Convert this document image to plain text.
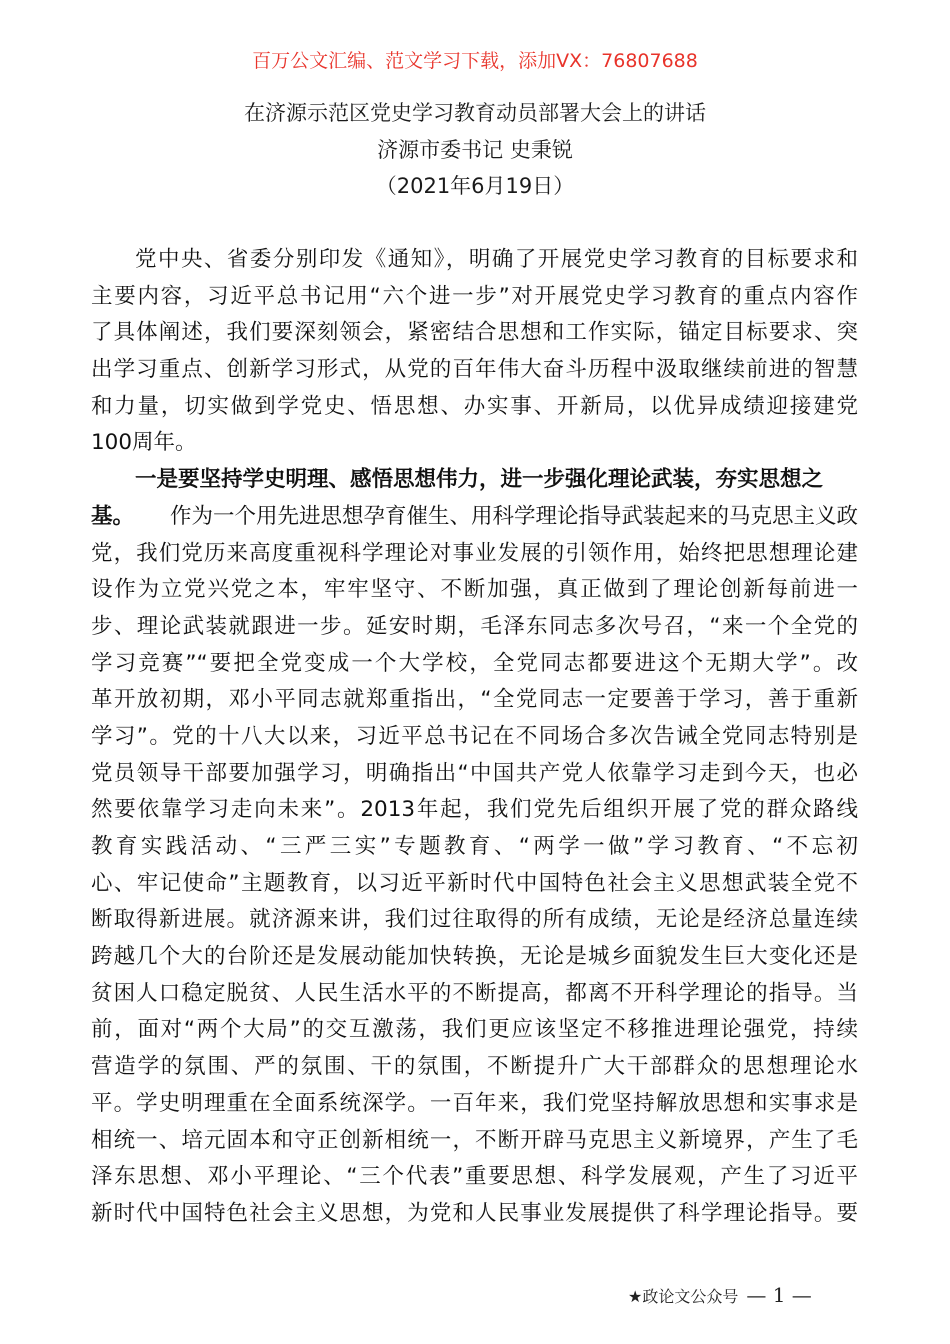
百万公文汇编、范文学习下载，添加VX：76807688
在济源示范区党史学习教育动员部署大会上的讲话
济源市委书记 史秉锐
（2021年6月19日）
党中央、省委分别印发《通知》，明确了开展党史学习教育的目标要求和
主要内容，习近平总书记用“六个进一步”对开展党史学习教育的重点内容作
了具体阐述，我们要深刻领会，紧密结合思想和工作实际，锚定目标要求、突
出学习重点、创新学习形式，从党的百年伟大奋斗历程中汲取继续前进的智慧
和力量，切实做到学党史、悟思想、办实事、开新局，以优异成绩迎接建党
100周年。
一是要坚持学史明理、感悟思想伟力，进一步强化理论武装，夯实思想之
基。 作为一个用先进思想孕育催生、用科学理论指导武装起来的马克思主义政
党，我们党历来高度重视科学理论对事业发展的引领作用，始终把思想理论建
设作为立党兴党之本，牢牢坚守、不断加强，真正做到了理论创新每前进一
步、理论武装就跟进一步。延安时期，毛泽东同志多次号召，“来一个全党的
学习竞赛”“要把全党变成一个大学校，全党同志都要进这个无期大学”。改
革开放初期，邓小平同志就郑重指出，“全党同志一定要善于学习，善于重新
学习”。党的十八大以来，习近平总书记在不同场合多次告诫全党同志特别是
党员领导干部要加强学习，明确指出“中国共产党人依靠学习走到今天，也必
然要依靠学习走向未来”。2013年起，我们党先后组织开展了党的群众路线
教育实践活动、“三严三实”专题教育、“两学一做”学习教育、“不忘初
心、牢记使命”主题教育，以习近平新时代中国特色社会主义思想武装全党不
断取得新进展。就济源来讲，我们过往取得的所有成绩，无论是经济总量连续
跨越几个大的台阶还是发展动能加快转换，无论是城乡面貌发生巨大变化还是
贫困人口稳定脱贫、人民生活水平的不断提高，都离不开科学理论的指导。当
前，面对“两个大局”的交互激荡，我们更应该坚定不移推进理论强党，持续
营造学的氛围、严的氛围、干的氛围，不断提升广大干部群众的思想理论水
平。学史明理重在全面系统深学。一百年来，我们党坚持解放思想和实事求是
相统一、培元固本和守正创新相统一，不断开辟马克思主义新境界，产生了毛
泽东思想、邓小平理论、“三个代表”重要思想、科学发展观，产生了习近平
新时代中国特色社会主义思想，为党和人民事业发展提供了科学理论指导。要
★政论文公众号 — 1 —
